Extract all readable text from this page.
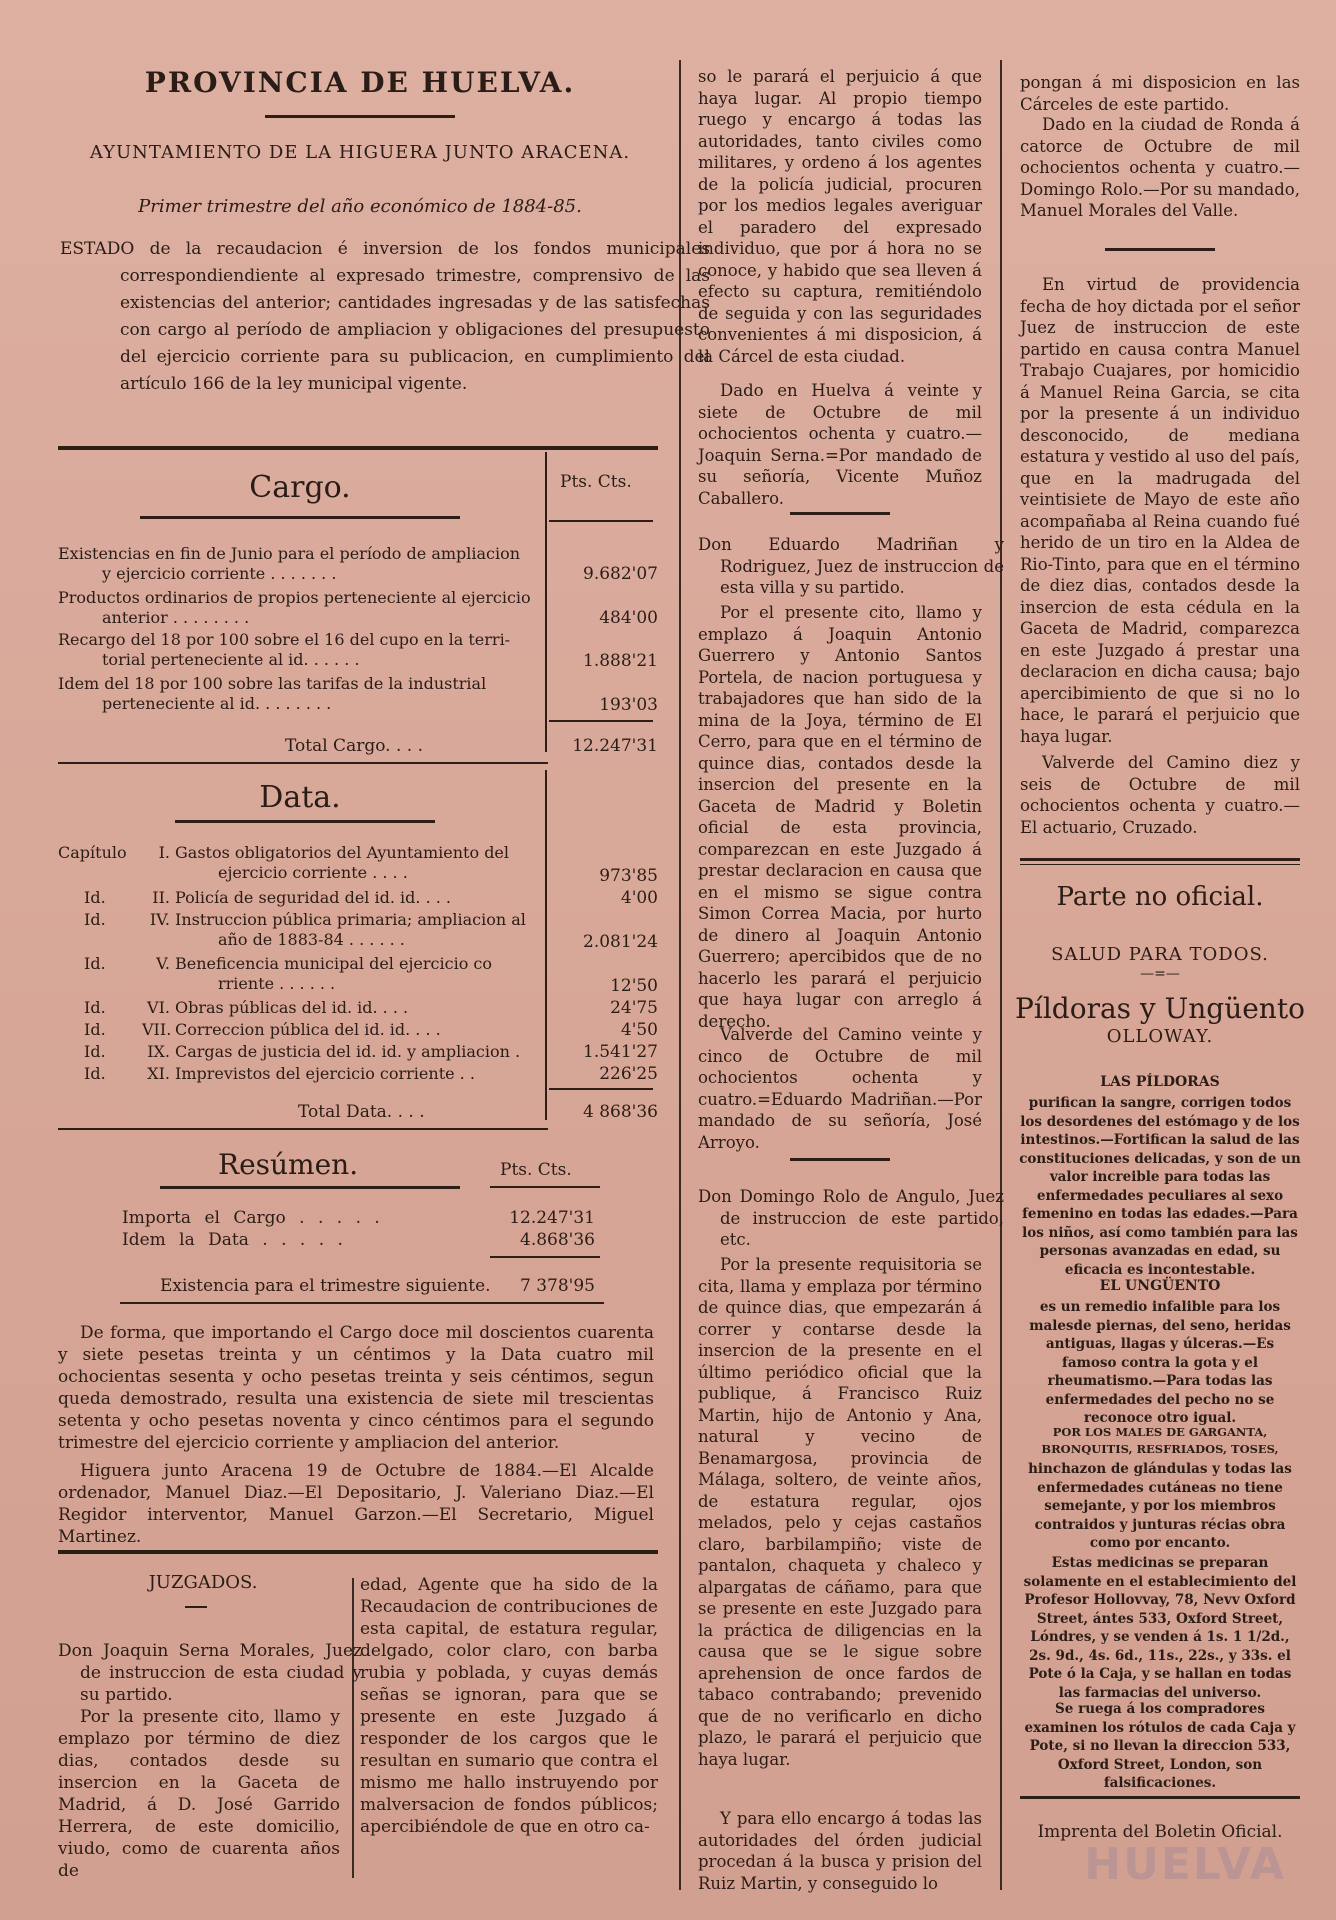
PROVINCIA DE HUELVA.
AYUNTAMIENTO DE LA HIGUERA JUNTO ARACENA.
Primer trimestre del año económico de 1884-85.
ESTADO de la recaudacion é inversion de los fondos municipales correspondiendiente al expresado trimestre, comprensivo de las existencias del anterior; cantidades ingresadas y de las satisfechas con cargo al período de ampliacion y obligaciones del presupuesto del ejercicio corriente para su publicacion, en cumplimiento del artículo 166 de la ley municipal vigente.
Cargo.	Pts. Cts.
Existencias en fin de Junio para el período de ampliacion
y ejercicio corriente . . . . . . .	9.682'07
Productos ordinarios de propios perteneciente al ejercicio
anterior . . . . . . . .	484'00
Recargo del 18 por 100 sobre el 16 del cupo en la terri-
torial perteneciente al id. . . . . .	1.888'21
Idem del 18 por 100 sobre las tarifas de la industrial
perteneciente al id. . . . . . . .	193'03
Total Cargo. . . .	12.247'31
Data.
Capítulo I. Gastos obligatorios del Ayuntamiento del
ejercicio corriente . . . .	973'85
Id.	II. Policía de seguridad del id. id. . . .	4'00
Id.	IV. Instruccion pública primaria; ampliacion al
año de 1883-84 . . . . . .	2.081'24
Id.	V. Beneficencia municipal del ejercicio co
rriente . . . . . .	12'50
Id.	VI. Obras públicas del id. id. . . .	24'75
Id. VII. Correccion pública del id. id. . . .	4'50
Id.	IX. Cargas de justicia del id. id. y ampliacion .	1.541'27
Id.	XI. Imprevistos del ejercicio corriente . .	226'25
Total Data. . . .	4 868'36
Resúmen.	Pts. Cts.
Importa el Cargo . . . . .	12.247'31
Idem la Data . . . . .	4.868'36
Existencia para el trimestre siguiente.	7 378'95
De forma, que importando el Cargo doce mil doscientos cuarenta y siete pesetas treinta y un céntimos y la Data cuatro mil ochocientas sesenta y ocho pesetas treinta y seis céntimos, segun queda demostrado, resulta una existencia de siete mil trescientas setenta y ocho pesetas noventa y cinco céntimos para el segundo trimestre del ejercicio corriente y ampliacion del anterior.
Higuera junto Aracena 19 de Octubre de 1884.—El Alcalde ordenador, Manuel Diaz.—El Depositario, J. Valeriano Diaz.—El Regidor interventor, Manuel Garzon.—El Secretario, Miguel Martinez.
JUZGADOS.
Don Joaquin Serna Morales, Juez de instruccion de esta ciudad y su partido.
Por la presente cito, llamo y emplazo por término de diez dias, contados desde su insercion en la Gaceta de Madrid, á D. José Garrido Herrera, de este domicilio, viudo, como de cuarenta años de
edad, Agente que ha sido de la Recaudacion de contribuciones de esta capital, de estatura regular, delgado, color claro, con barba rubia y poblada, y cuyas demás señas se ignoran, para que se presente en este Juzgado á responder de los cargos que le resultan en sumario que contra el mismo me hallo instruyendo por malversacion de fondos públicos; apercibiéndole de que en otro ca-
so le parará el perjuicio á que haya lugar. Al propio tiempo ruego y encargo á todas las autoridades, tanto civiles como militares, y ordeno á los agentes de la policía judicial, procuren por los medios legales averiguar el paradero del expresado individuo, que por á hora no se conoce, y habido que sea lleven á efecto su captura, remitiéndolo de seguida y con las seguridades convenientes á mi disposicion, á la Cárcel de esta ciudad.
Dado en Huelva á veinte y siete de Octubre de mil ochocientos ochenta y cuatro.—Joaquin Serna.=Por mandado de su señoría, Vicente Muñoz Caballero.
Don Eduardo Madriñan y Rodriguez, Juez de instruccion de esta villa y su partido.
Por el presente cito, llamo y emplazo á Joaquin Antonio Guerrero y Antonio Santos Portela, de nacion portuguesa y trabajadores que han sido de la mina de la Joya, término de El Cerro, para que en el término de quince dias, contados desde la insercion del presente en la Gaceta de Madrid y Boletin oficial de esta provincia, comparezcan en este Juzgado á prestar declaracion en causa que en el mismo se sigue contra Simon Correa Macia, por hurto de dinero al Joaquin Antonio Guerrero; apercibidos que de no hacerlo les parará el perjuicio que haya lugar con arreglo á derecho.
Valverde del Camino veinte y cinco de Octubre de mil ochocientos ochenta y cuatro.=Eduardo Madriñan.—Por mandado de su señoría, José Arroyo.
Don Domingo Rolo de Angulo, Juez de instruccion de este partido, etc.
Por la presente requisitoria se cita, llama y emplaza por término de quince dias, que empezarán á correr y contarse desde la insercion de la presente en el último periódico oficial que la publique, á Francisco Ruiz Martin, hijo de Antonio y Ana, natural y vecino de Benamargosa, provincia de Málaga, soltero, de veinte años, de estatura regular, ojos melados, pelo y cejas castaños claro, barbilampiño; viste de pantalon, chaqueta y chaleco y alpargatas de cáñamo, para que se presente en este Juzgado para la práctica de diligencias en la causa que se le sigue sobre aprehension de once fardos de tabaco contrabando; prevenido que de no verificarlo en dicho plazo, le parará el perjuicio que haya lugar.
Y para ello encargo á todas las autoridades del órden judicial procedan á la busca y prision del Ruiz Martin, y conseguido lo
pongan á mi disposicion en las Cárceles de este partido.
Dado en la ciudad de Ronda á catorce de Octubre de mil ochocientos ochenta y cuatro.—Domingo Rolo.—Por su mandado, Manuel Morales del Valle.
En virtud de providencia fecha de hoy dictada por el señor Juez de instruccion de este partido en causa contra Manuel Trabajo Cuajares, por homicidio á Manuel Reina Garcia, se cita por la presente á un individuo desconocido, de mediana estatura y vestido al uso del país, que en la madrugada del veintisiete de Mayo de este año acompañaba al Reina cuando fué herido de un tiro en la Aldea de Rio-Tinto, para que en el término de diez dias, contados desde la insercion de esta cédula en la Gaceta de Madrid, comparezca en este Juzgado á prestar una declaracion en dicha causa; bajo apercibimiento de que si no lo hace, le parará el perjuicio que haya lugar.
Valverde del Camino diez y seis de Octubre de mil ochocientos ochenta y cuatro.—El actuario, Cruzado.
Parte no oficial.
SALUD PARA TODOS.
—=—
Píldoras y Ungüento
OLLOWAY.
LAS PÍLDORAS
purifican la sangre, corrigen todos los desordenes del estómago y de los intestinos.—Fortifican la salud de las constituciones delicadas, y son de un valor increible para todas las enfermedades peculiares al sexo femenino en todas las edades.—Para los niños, así como también para las personas avanzadas en edad, su eficacia es incontestable.
EL UNGÜENTO
es un remedio infalible para los malesde piernas, del seno, heridas antiguas, llagas y úlceras.—Es famoso contra la gota y el rheumatismo.—Para todas las enfermedades del pecho no se reconoce otro igual.
POR LOS MALES DE GARGANTA, BRONQUITIS, RESFRIADOS, TOSES,
hinchazon de glándulas y todas las enfermedades cutáneas no tiene semejante, y por los miembros contraidos y junturas récias obra como por encanto.
Estas medicinas se preparan solamente en el establecimiento del Profesor Hollovvay, 78, Nevv Oxford Street, ántes 533, Oxford Street, Lóndres, y se venden á 1s. 1 1/2d., 2s. 9d., 4s. 6d., 11s., 22s., y 33s. el Pote ó la Caja, y se hallan en todas las farmacias del universo.
Se ruega á los compradores examinen los rótulos de cada Caja y Pote, si no llevan la direccion 533, Oxford Street, London, son falsificaciones.
Imprenta del Boletin Oficial.
HUELVA
